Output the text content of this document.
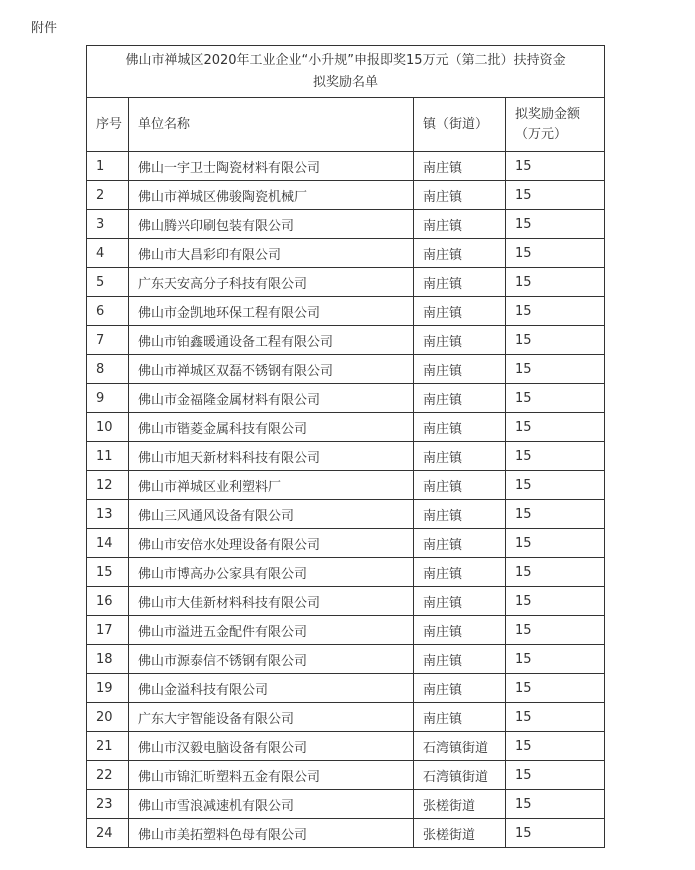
附件
佛山市禅城区2020年工业企业“小升规”申报即奖15万元（第二批）扶持资金
拟奖励名单			

序号	单位名称	镇（街道）	拟奖励金额（万元）
1	佛山一宇卫士陶瓷材料有限公司	南庄镇	15
2	佛山市禅城区佛骏陶瓷机械厂	南庄镇	15
3	佛山腾兴印刷包装有限公司	南庄镇	15
4	佛山市大昌彩印有限公司	南庄镇	15
5	广东天安高分子科技有限公司	南庄镇	15
6	佛山市金凯地环保工程有限公司	南庄镇	15
7	佛山市铂鑫暖通设备工程有限公司	南庄镇	15
8	佛山市禅城区双磊不锈钢有限公司	南庄镇	15
9	佛山市金福隆金属材料有限公司	南庄镇	15
10	佛山市锴菱金属科技有限公司	南庄镇	15
11	佛山市旭天新材料科技有限公司	南庄镇	15
12	佛山市禅城区业利塑料厂	南庄镇	15
13	佛山三风通风设备有限公司	南庄镇	15
14	佛山市安倍水处理设备有限公司	南庄镇	15
15	佛山市博高办公家具有限公司	南庄镇	15
16	佛山市大佳新材料科技有限公司	南庄镇	15
17	佛山市溢进五金配件有限公司	南庄镇	15
18	佛山市源泰信不锈钢有限公司	南庄镇	15
19	佛山金溢科技有限公司	南庄镇	15
20	广东大宇智能设备有限公司	南庄镇	15
21	佛山市汉毅电脑设备有限公司	石湾镇街道	15
22	佛山市锦汇昕塑料五金有限公司	石湾镇街道	15
23	佛山市雪浪减速机有限公司	张槎街道	15
24	佛山市美拓塑料色母有限公司	张槎街道	15
